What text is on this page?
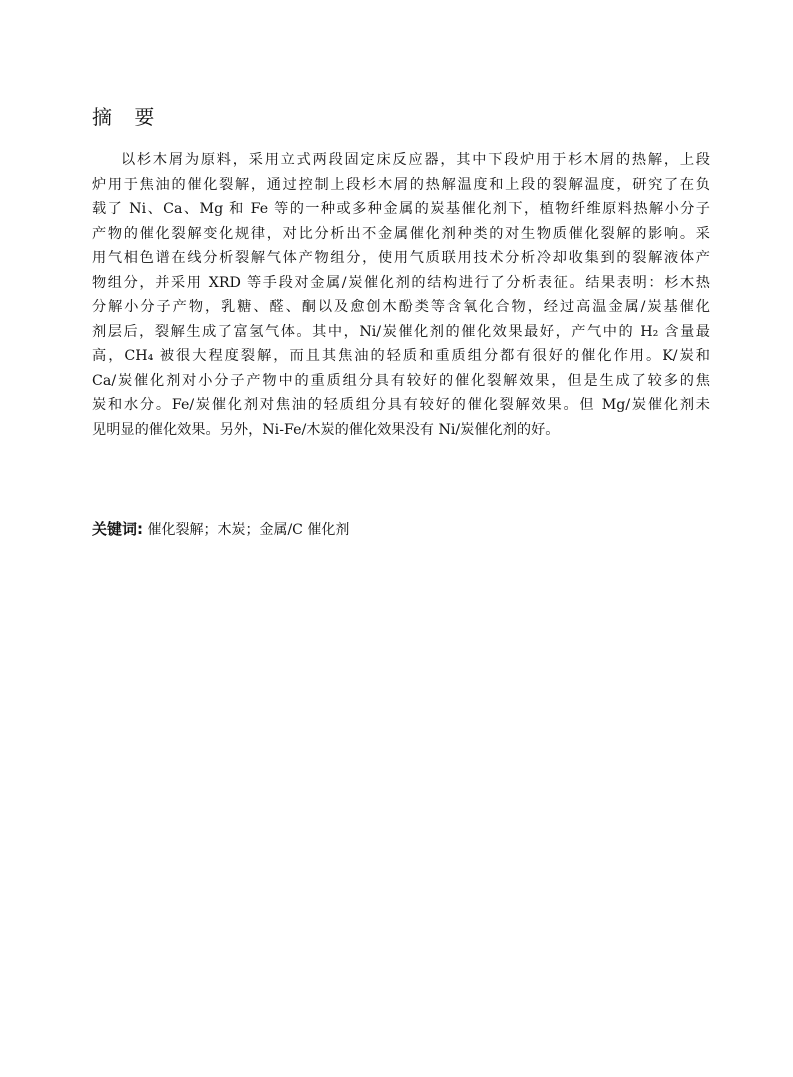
摘 要
以杉木屑为原料，采用立式两段固定床反应器，其中下段炉用于杉木屑的热解，上段
炉用于焦油的催化裂解，通过控制上段杉木屑的热解温度和上段的裂解温度，研究了在负
载了 Ni、Ca、Mg 和 Fe 等的一种或多种金属的炭基催化剂下，植物纤维原料热解小分子
产物的催化裂解变化规律，对比分析出不金属催化剂种类的对生物质催化裂解的影响。采
用气相色谱在线分析裂解气体产物组分，使用气质联用技术分析冷却收集到的裂解液体产
物组分，并采用 XRD 等手段对金属/炭催化剂的结构进行了分析表征。结果表明：杉木热
分解小分子产物，乳糖、醛、酮以及愈创木酚类等含氧化合物，经过高温金属/炭基催化
剂层后，裂解生成了富氢气体。其中，Ni/炭催化剂的催化效果最好，产气中的 H₂ 含量最
高，CH₄ 被很大程度裂解，而且其焦油的轻质和重质组分都有很好的催化作用。K/炭和
Ca/炭催化剂对小分子产物中的重质组分具有较好的催化裂解效果，但是生成了较多的焦
炭和水分。Fe/炭催化剂对焦油的轻质组分具有较好的催化裂解效果。但 Mg/炭催化剂未
见明显的催化效果。另外，Ni-Fe/木炭的催化效果没有 Ni/炭催化剂的好。
关键词: 催化裂解；木炭；金属/C 催化剂
